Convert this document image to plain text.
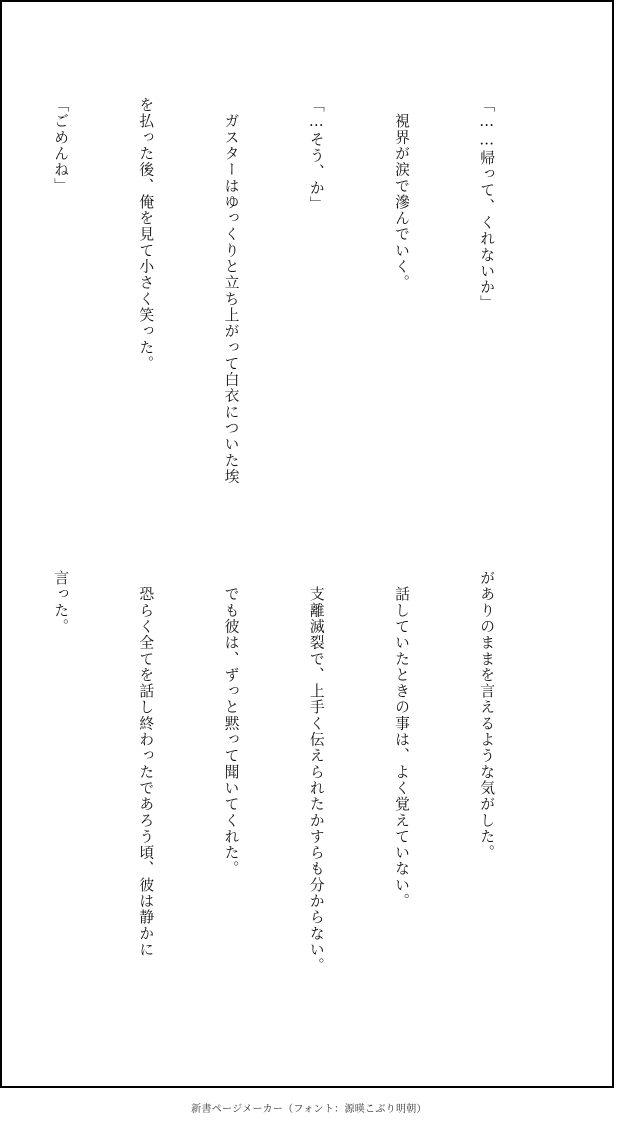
「……帰って、くれないか」

　視界が涙で滲んでいく。

「…そう、か」

　ガスターはゆっくりと立ち上がって白衣についた埃

を払った後、俺を見て小さく笑った。

「ごめんね」

がありのままを言えるような気がした。

　話していたときの事は、よく覚えていない。

　支離滅裂で、上手く伝えられたかすらも分からない。

　でも彼は、ずっと黙って聞いてくれた。

　恐らく全てを話し終わったであろう頃、彼は静かに

言った。

新書ページメーカー（フォント：源暎こぶり明朝）
